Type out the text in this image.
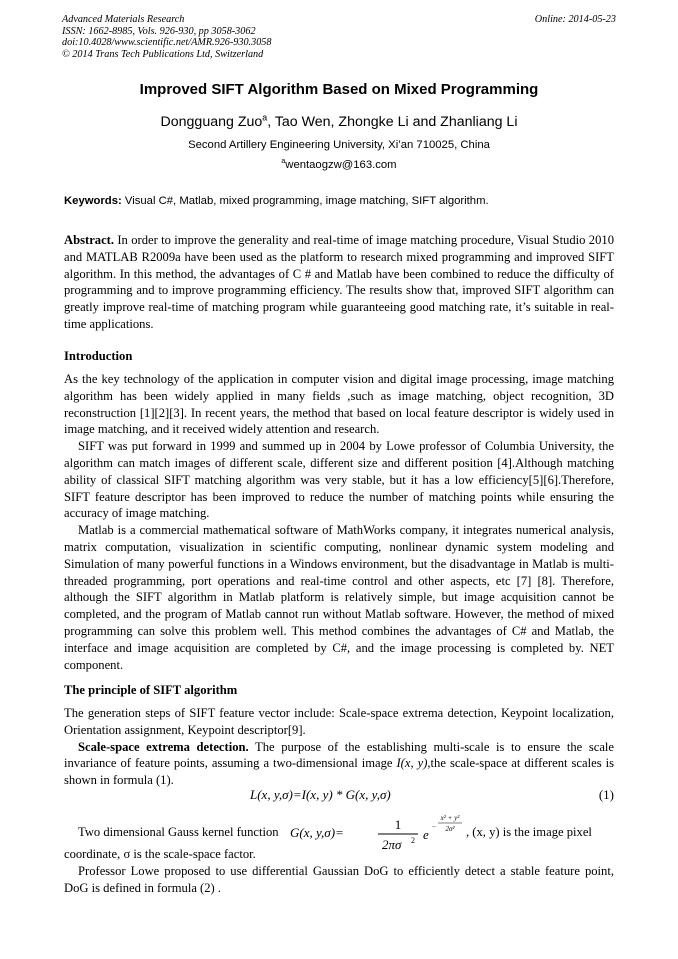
Advanced Materials Research
ISSN: 1662-8985, Vols. 926-930, pp 3058-3062
doi:10.4028/www.scientific.net/AMR.926-930.3058
© 2014 Trans Tech Publications Ltd, Switzerland
Online: 2014-05-23
Improved SIFT Algorithm Based on Mixed Programming
Dongguang Zuo$^a$, Tao Wen, Zhongke Li and Zhanliang Li
Second Artillery Engineering University, Xi’an 710025, China
$^a$wentaogzw@163.com
Keywords: Visual C#, Matlab, mixed programming, image matching, SIFT algorithm.

Abstract. In order to improve the generality and real-time of image matching procedure, Visual Studio 2010 and MATLAB R2009a have been used as the platform to research mixed programming and improved SIFT algorithm. In this method, the advantages of C # and Matlab have been combined to reduce the difficulty of programming and to improve programming efficiency. The results show that, improved SIFT algorithm can greatly improve real-time of matching program while guaranteeing good matching rate, it’s suitable in real-time applications.

Introduction

As the key technology of the application in computer vision and digital image processing, image matching algorithm has been widely applied in many fields ,such as image matching, object recognition, 3D reconstruction [1][2][3]. In recent years, the method that based on local feature descriptor is widely used in image matching, and it received widely attention and research.

SIFT was put forward in 1999 and summed up in 2004 by Lowe professor of Columbia University, the algorithm can match images of different scale, different size and different position [4].Although matching ability of classical SIFT matching algorithm was very stable, but it has a low efficiency[5][6].Therefore, SIFT feature descriptor has been improved to reduce the number of matching points while ensuring the accuracy of image matching.

Matlab is a commercial mathematical software of MathWorks company, it integrates numerical analysis, matrix computation, visualization in scientific computing, nonlinear dynamic system modeling and Simulation of many powerful functions in a Windows environment, but the disadvantage in Matlab is multi-threaded programming, port operations and real-time control and other aspects, etc [7] [8]. Therefore, although the SIFT algorithm in Matlab platform is relatively simple, but image acquisition cannot be completed, and the program of Matlab cannot run without Matlab software. However, the method of mixed programming can solve this problem well. This method combines the advantages of C# and Matlab, the interface and image acquisition are completed by C#, and the image processing is completed by. NET component.

The principle of SIFT algorithm

The generation steps of SIFT feature vector include: Scale-space extrema detection, Keypoint localization, Orientation assignment, Keypoint descriptor[9].

Scale-space extrema detection. The purpose of the establishing multi-scale is to ensure the scale invariance of feature points, assuming a two-dimensional image I(x, y),the scale-space at different scales is shown in formula (1).

L(x, y,σ)=I(x, y) * G(x, y,σ)	(1)
Two dimensional Gauss kernel function G(x, y,σ)=
1
2πσ 2 e −
x² + y²
2σ² , (x, y) is the image pixel

coordinate, σ is the scale-space factor.

Professor Lowe proposed to use differential Gaussian DoG to efficiently detect a stable feature point, DoG is defined in formula (2) .
